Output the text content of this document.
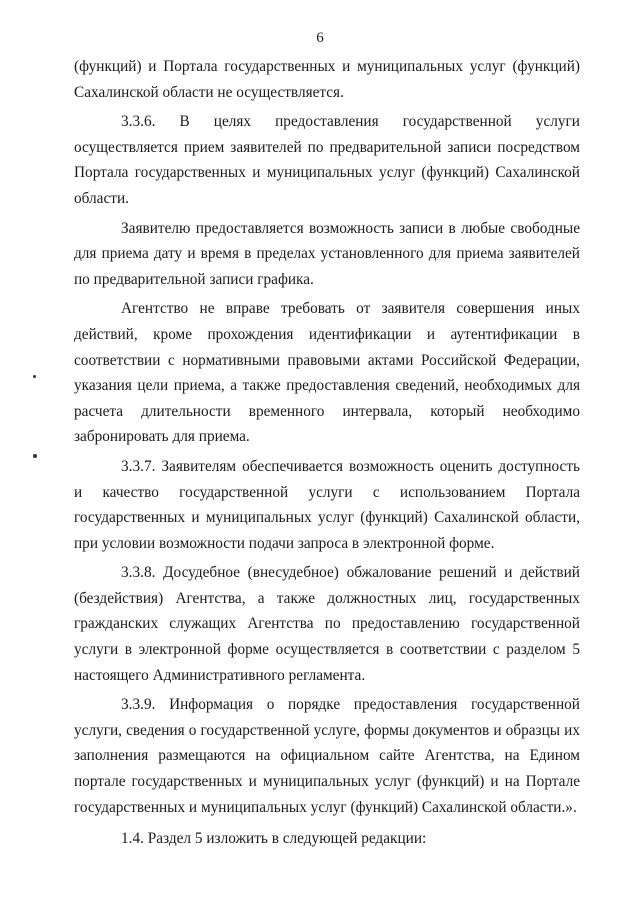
6

(функций) и Портала государственных и муниципальных услуг (функций) Сахалинской области не осуществляется.

3.3.6. В целях предоставления государственной услуги осуществляется прием заявителей по предварительной записи посредством Портала государственных и муниципальных услуг (функций) Сахалинской области.

Заявителю предоставляется возможность записи в любые свободные для приема дату и время в пределах установленного для приема заявителей по предварительной записи графика.

Агентство не вправе требовать от заявителя совершения иных действий, кроме прохождения идентификации и аутентификации в соответствии с нормативными правовыми актами Российской Федерации, указания цели приема, а также предоставления сведений, необходимых для расчета длительности временного интервала, который необходимо забронировать для приема.

3.3.7. Заявителям обеспечивается возможность оценить доступность и качество государственной услуги с использованием Портала государственных и муниципальных услуг (функций) Сахалинской области, при условии возможности подачи запроса в электронной форме.

3.3.8. Досудебное (внесудебное) обжалование решений и действий (бездействия) Агентства, а также должностных лиц, государственных гражданских служащих Агентства по предоставлению государственной услуги в электронной форме осуществляется в соответствии с разделом 5 настоящего Административного регламента.

3.3.9. Информация о порядке предоставления государственной услуги, сведения о государственной услуге, формы документов и образцы их заполнения размещаются на официальном сайте Агентства, на Едином портале государственных и муниципальных услуг (функций) и на Портале государственных и муниципальных услуг (функций) Сахалинской области.».

1.4. Раздел 5 изложить в следующей редакции:
